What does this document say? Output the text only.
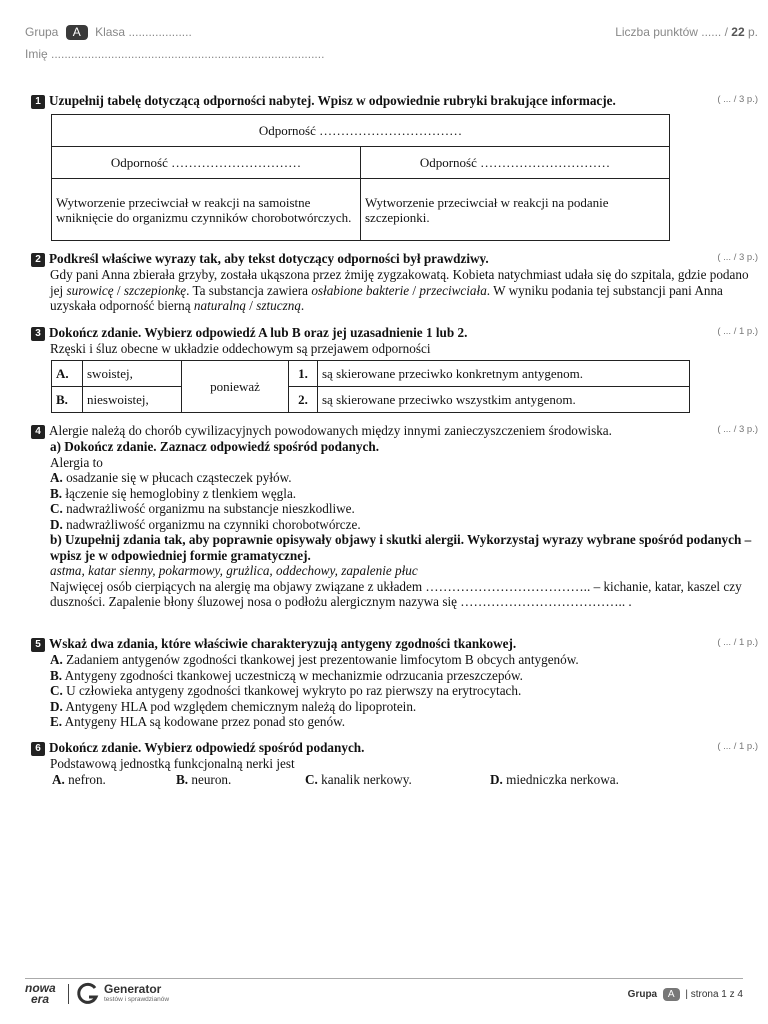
Grupa A Klasa ...................
Imię ..................................................................................
Liczba punktów ...... / 22 p.
1 Uzupełnij tabelę dotyczącą odporności nabytej. Wpisz w odpowiednie rubryki brakujące informacje.	( ... / 3 p.)
Odporność ……………………………	
Odporność …………………………	Odporność …………………………
Wytworzenie przeciwciał w reakcji na samoistne wniknięcie do organizmu czynników chorobotwórczych.	Wytworzenie przeciwciał w reakcji na podanie szczepionki.
2 Podkreśl właściwe wyrazy tak, aby tekst dotyczący odporności był prawdziwy.
Gdy pani Anna zbierała grzyby, została ukąszona przez żmiję zygzakowatą. Kobieta natychmiast udała się do szpitala, gdzie podano jej surowicę / szczepionkę. Ta substancja zawiera osłabione bakterie / przeciwciała. W wyniku podania tej substancji pani Anna uzyskała odporność bierną naturalną / sztuczną.
( ... / 3 p.)
3 Dokończ zdanie. Wybierz odpowiedź A lub B oraz jej uzasadnienie 1 lub 2.
Rzęski i śluz obecne w układzie oddechowym są przejawem odporności
( ... / 1 p.)
A.	swoistej,	ponieważ	1.	są skierowane przeciwko konkretnym antygenom.
B.	nieswoistej,		2.	są skierowane przeciwko wszystkim antygenom.
4 Alergie należą do chorób cywilizacyjnych powodowanych między innymi zanieczyszczeniem środowiska.
a) Dokończ zdanie. Zaznacz odpowiedź spośród podanych.
Alergia to
A. osadzanie się w płucach cząsteczek pyłów.
B. łączenie się hemoglobiny z tlenkiem węgla.
C. nadwrażliwość organizmu na substancje nieszkodliwe.
D. nadwrażliwość organizmu na czynniki chorobotwórcze.
b) Uzupełnij zdania tak, aby poprawnie opisywały objawy i skutki alergii. Wykorzystaj wyrazy wybrane spośród podanych – wpisz je w odpowiedniej formie gramatycznej.
astma, katar sienny, pokarmowy, grużlica, oddechowy, zapalenie płuc
Najwięcej osób cierpiących na alergię ma objawy związane z układem ……………………………….. – kichanie, katar, kaszel czy duszności. Zapalenie błony śluzowej nosa o podłożu alergicznym nazywa się ……………………………….. .
( ... / 3 p.)
5 Wskaż dwa zdania, które właściwie charakteryzują antygeny zgodności tkankowej.
A. Zadaniem antygenów zgodności tkankowej jest prezentowanie limfocytom B obcych antygenów.
B. Antygeny zgodności tkankowej uczestniczą w mechanizmie odrzucania przeszczepów.
C. U człowieka antygeny zgodności tkankowej wykryto po raz pierwszy na erytrocytach.
D. Antygeny HLA pod względem chemicznym należą do lipoprotein.
E. Antygeny HLA są kodowane przez ponad sto genów.
( ... / 1 p.)
6 Dokończ zdanie. Wybierz odpowiedź spośród podanych.
Podstawową jednostką funkcjonalną nerki jest
A. nefron.	B. neuron.	C. kanalik nerkowy.	D. miedniczka nerkowa.
( ... / 1 p.)
nowa
era
Generator
testów i sprawdzianów	Grupa A | strona 1 z 4
